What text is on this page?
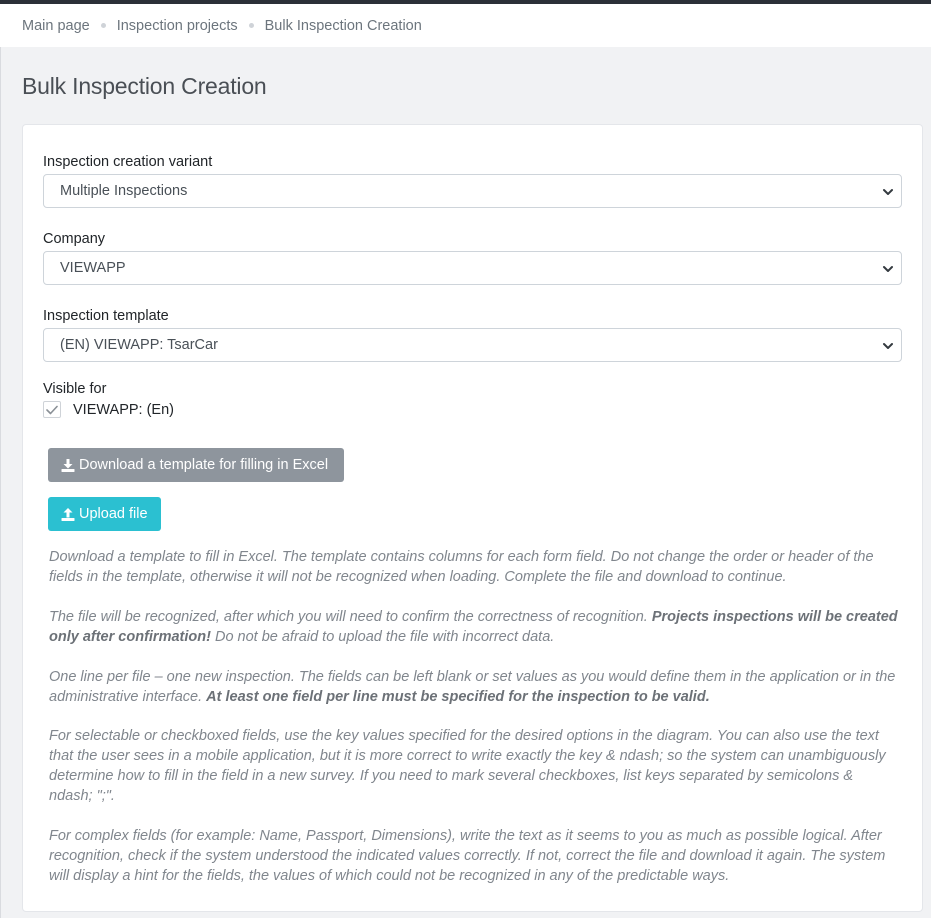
Main page Inspection projects Bulk Inspection Creation
Bulk Inspection Creation
Inspection creation variant
Multiple Inspections
Company
VIEWAPP
Inspection template
(EN) VIEWAPP: TsarCar
Visible for
VIEWAPP: (En)
Download a template for filling in Excel
Upload file

Download a template to fill in Excel. The template contains columns for each form field. Do not change the order or header of the fields in the template, otherwise it will not be recognized when loading. Complete the file and download to continue.

The file will be recognized, after which you will need to confirm the correctness of recognition. Projects inspections will be created only after confirmation! Do not be afraid to upload the file with incorrect data.

One line per file – one new inspection. The fields can be left blank or set values as you would define them in the application or in the administrative interface. At least one field per line must be specified for the inspection to be valid.

For selectable or checkboxed fields, use the key values specified for the desired options in the diagram. You can also use the text that the user sees in a mobile application, but it is more correct to write exactly the key & ndash; so the system can unambiguously determine how to fill in the field in a new survey. If you need to mark several checkboxes, list keys separated by semicolons & ndash; ";".

For complex fields (for example: Name, Passport, Dimensions), write the text as it seems to you as much as possible logical. After recognition, check if the system understood the indicated values correctly. If not, correct the file and download it again. The system will display a hint for the fields, the values of which could not be recognized in any of the predictable ways.
